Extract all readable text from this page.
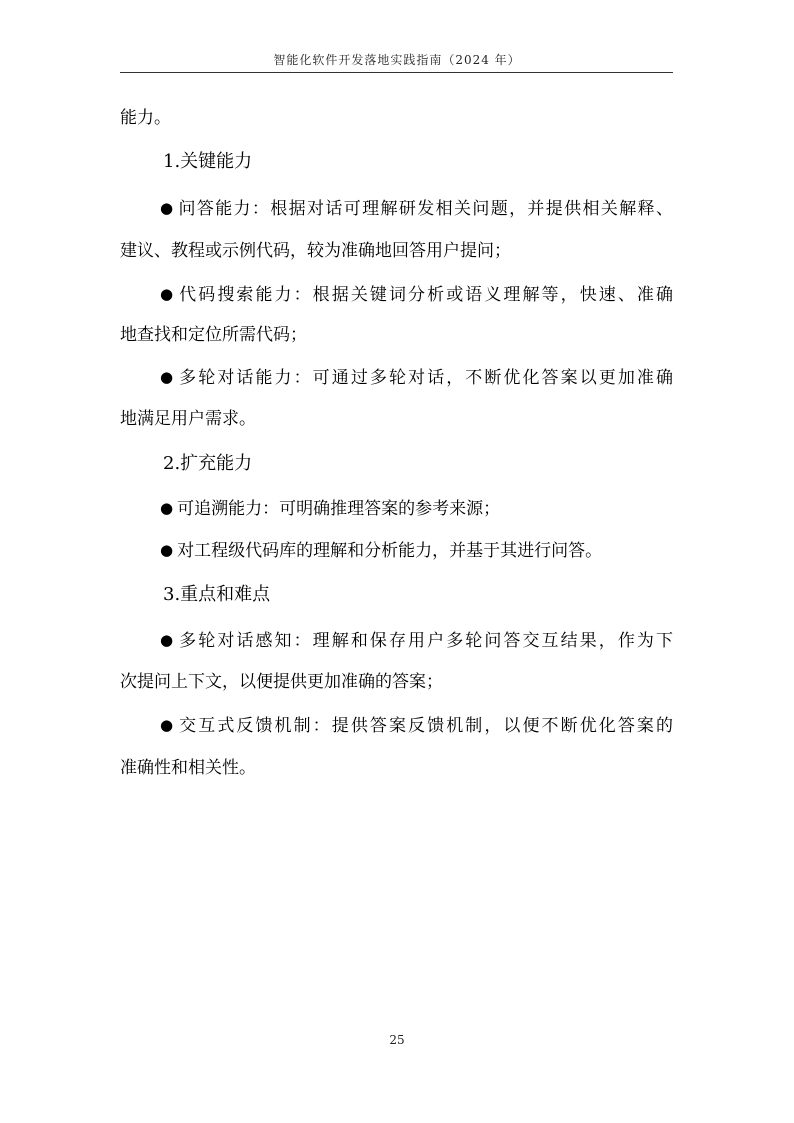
智能化软件开发落地实践指南（2024 年）
能力。
1.关键能力
● 问答能力：根据对话可理解研发相关问题，并提供相关解释、
建议、教程或示例代码，较为准确地回答用户提问；
● 代码搜索能力：根据关键词分析或语义理解等，快速、准确
地查找和定位所需代码；
● 多轮对话能力：可通过多轮对话，不断优化答案以更加准确
地满足用户需求。
2.扩充能力
● 可追溯能力：可明确推理答案的参考来源；
● 对工程级代码库的理解和分析能力，并基于其进行问答。
3.重点和难点
● 多轮对话感知：理解和保存用户多轮问答交互结果，作为下
次提问上下文，以便提供更加准确的答案；
● 交互式反馈机制：提供答案反馈机制，以便不断优化答案的
准确性和相关性。
25
